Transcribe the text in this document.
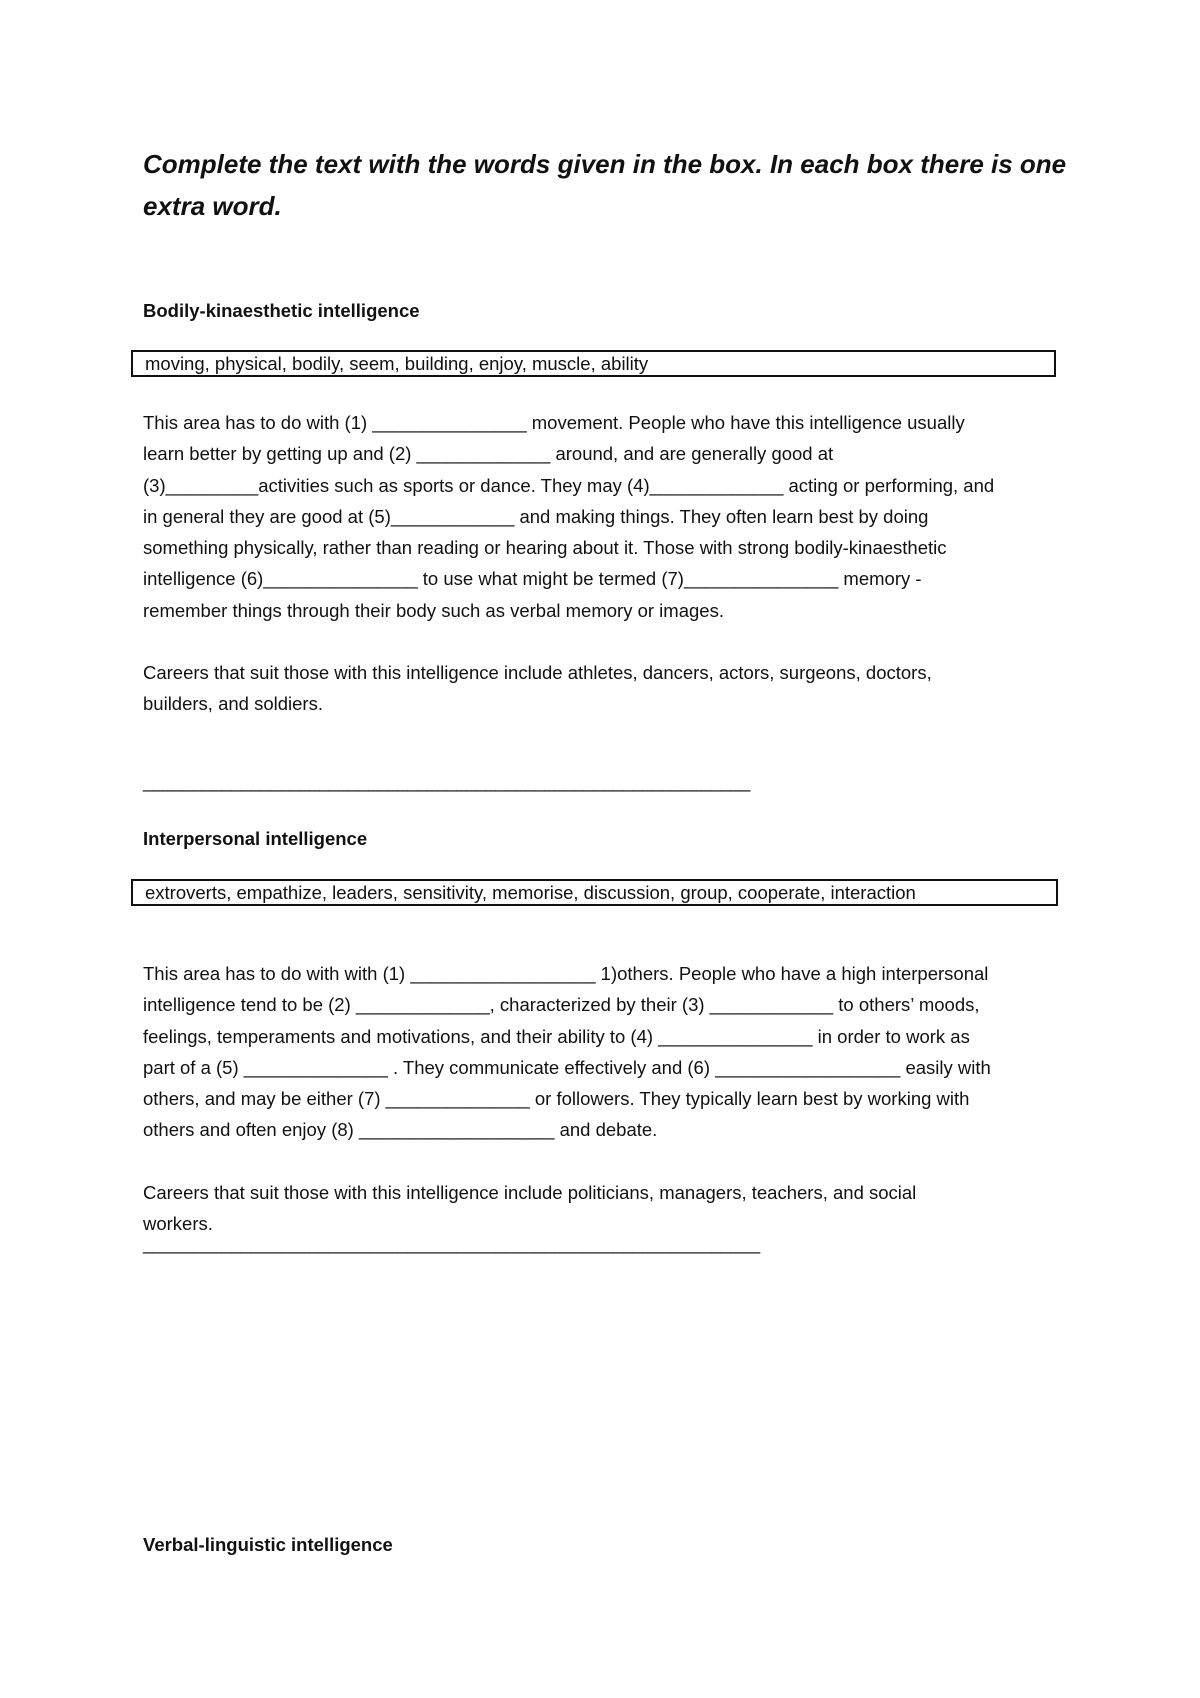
Complete the text with the words given in the box. In each box there is one
extra word.
Bodily-kinaesthetic intelligence
moving, physical, bodily, seem, building, enjoy, muscle, ability
This area has to do with (1) _______________ movement. People who have this intelligence usually
learn better by getting up and (2) _____________ around, and are generally good at
(3)_________activities such as sports or dance. They may (4)_____________ acting or performing, and
in general they are good at (5)____________ and making things. They often learn best by doing
something physically, rather than reading or hearing about it. Those with strong bodily-kinaesthetic
intelligence (6)_______________ to use what might be termed (7)_______________ memory -
remember things through their body such as verbal memory or images.
Careers that suit those with this intelligence include athletes, dancers, actors, surgeons, doctors,
builders, and soldiers.
______________________________________________________________
Interpersonal intelligence
extroverts, empathize, leaders, sensitivity, memorise, discussion, group, cooperate, interaction
This area has to do with with (1) __________________ 1)others. People who have a high interpersonal
intelligence tend to be (2) _____________, characterized by their (3) ____________ to others’ moods,
feelings, temperaments and motivations, and their ability to (4) _______________ in order to work as
part of a (5) ______________ . They communicate effectively and (6) __________________ easily with
others, and may be either (7) ______________ or followers. They typically learn best by working with
others and often enjoy (8) ___________________ and debate.
Careers that suit those with this intelligence include politicians, managers, teachers, and social
workers.
_______________________________________________________________
Verbal-linguistic intelligence
